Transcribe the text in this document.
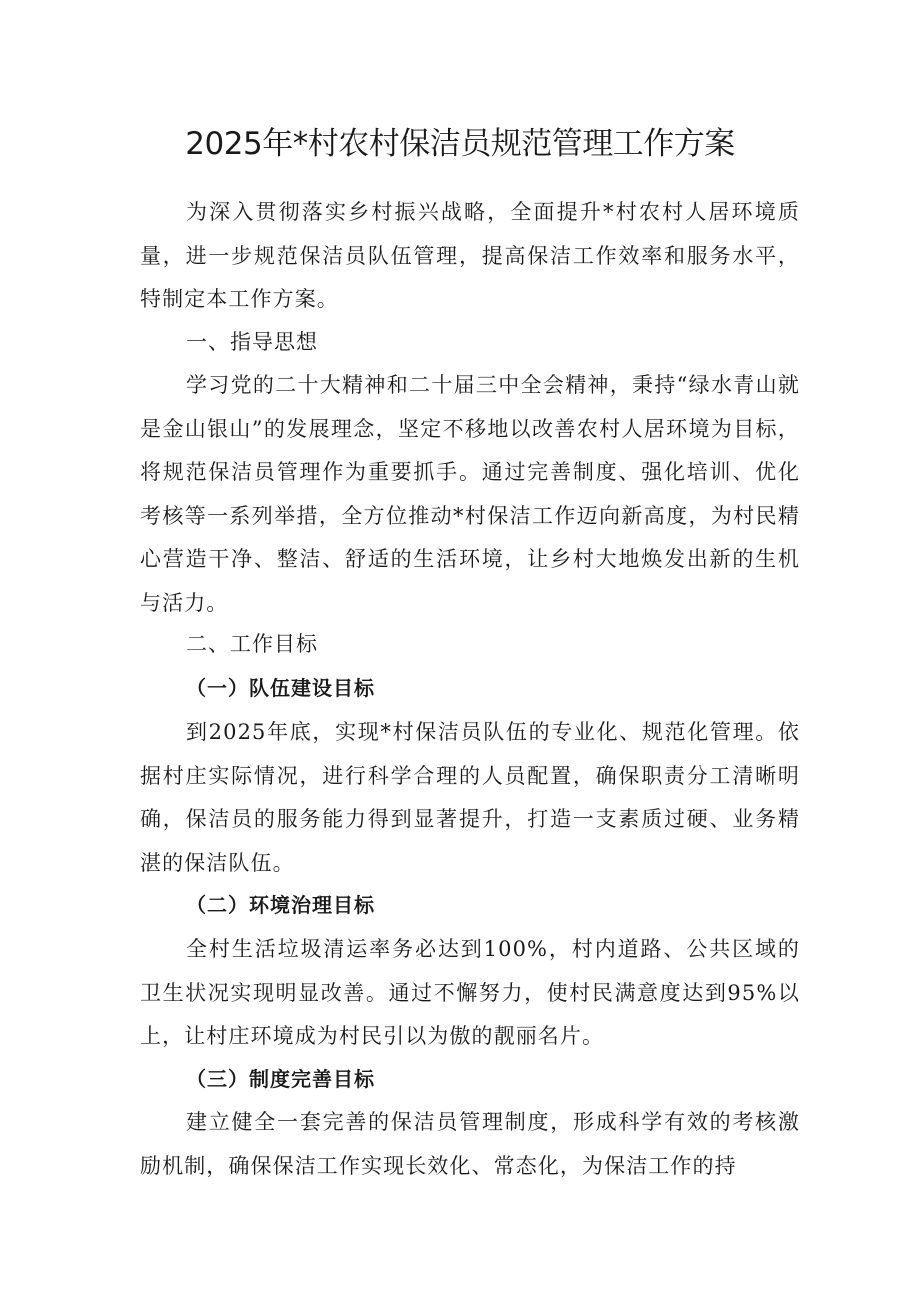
2025年*村农村保洁员规范管理工作方案

为深入贯彻落实乡村振兴战略，全面提升*村农村人居环境质量，进一步规范保洁员队伍管理，提高保洁工作效率和服务水平，特制定本工作方案。

一、指导思想

学习党的二十大精神和二十届三中全会精神，秉持“绿水青山就是金山银山”的发展理念，坚定不移地以改善农村人居环境为目标，将规范保洁员管理作为重要抓手。通过完善制度、强化培训、优化考核等一系列举措，全方位推动*村保洁工作迈向新高度，为村民精心营造干净、整洁、舒适的生活环境，让乡村大地焕发出新的生机与活力。

二、工作目标
（一）队伍建设目标

到2025年底，实现*村保洁员队伍的专业化、规范化管理。依据村庄实际情况，进行科学合理的人员配置，确保职责分工清晰明确，保洁员的服务能力得到显著提升，打造一支素质过硬、业务精湛的保洁队伍。

（二）环境治理目标

全村生活垃圾清运率务必达到100%，村内道路、公共区域的卫生状况实现明显改善。通过不懈努力，使村民满意度达到95%以上，让村庄环境成为村民引以为傲的靓丽名片。

（三）制度完善目标

建立健全一套完善的保洁员管理制度，形成科学有效的考核激励机制，确保保洁工作实现长效化、常态化，为保洁工作的持
